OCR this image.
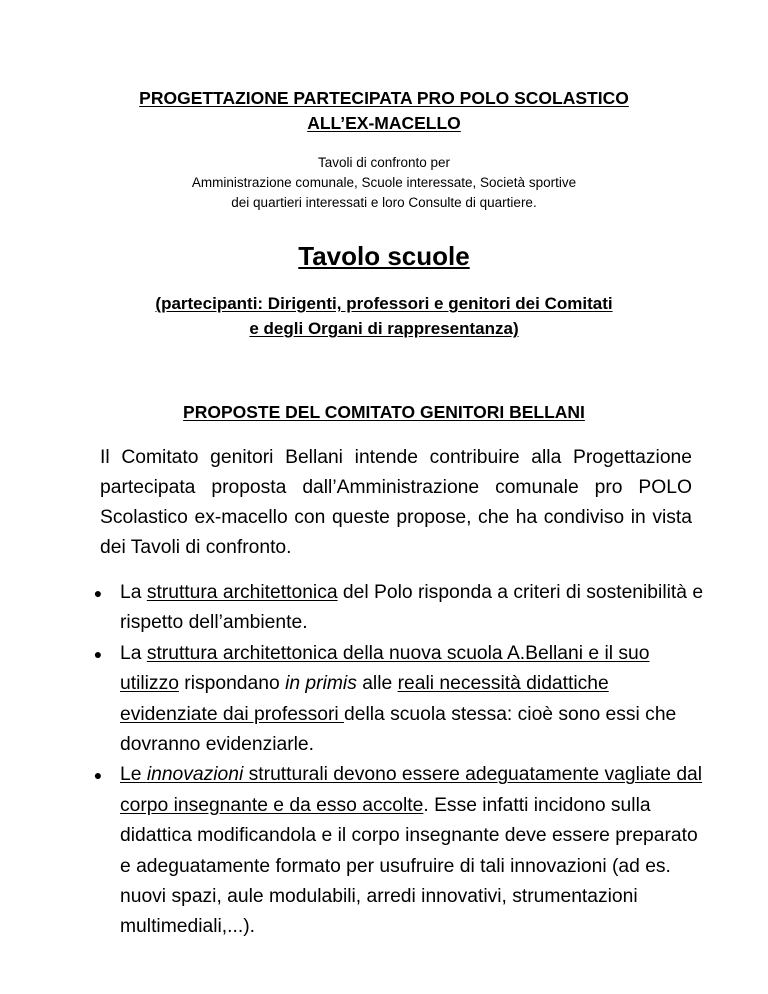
PROGETTAZIONE PARTECIPATA PRO POLO SCOLASTICO
ALL’EX-MACELLO
Tavoli di confronto per
Amministrazione comunale, Scuole interessate, Società sportive
dei quartieri interessati e loro Consulte di quartiere.
Tavolo scuole
(partecipanti: Dirigenti, professori e genitori dei Comitati
e degli Organi di rappresentanza)
PROPOSTE DEL COMITATO GENITORI BELLANI
Il Comitato genitori Bellani intende contribuire alla Progettazione partecipata proposta dall’Amministrazione comunale pro POLO Scolastico ex-macello con queste propose, che ha condiviso in vista dei Tavoli di confronto.
● La struttura architettonica del Polo risponda a criteri di sostenibilità e rispetto dell’ambiente.
● La struttura architettonica della nuova scuola A.Bellani e il suo utilizzo rispondano in primis alle reali necessità didattiche evidenziate dai professori della scuola stessa: cioè sono essi che dovranno evidenziarle.
● Le innovazioni strutturali devono essere adeguatamente vagliate dal corpo insegnante e da esso accolte. Esse infatti incidono sulla didattica modificandola e il corpo insegnante deve essere preparato e adeguatamente formato per usufruire di tali innovazioni (ad es. nuovi spazi, aule modulabili, arredi innovativi, strumentazioni multimediali,...).
